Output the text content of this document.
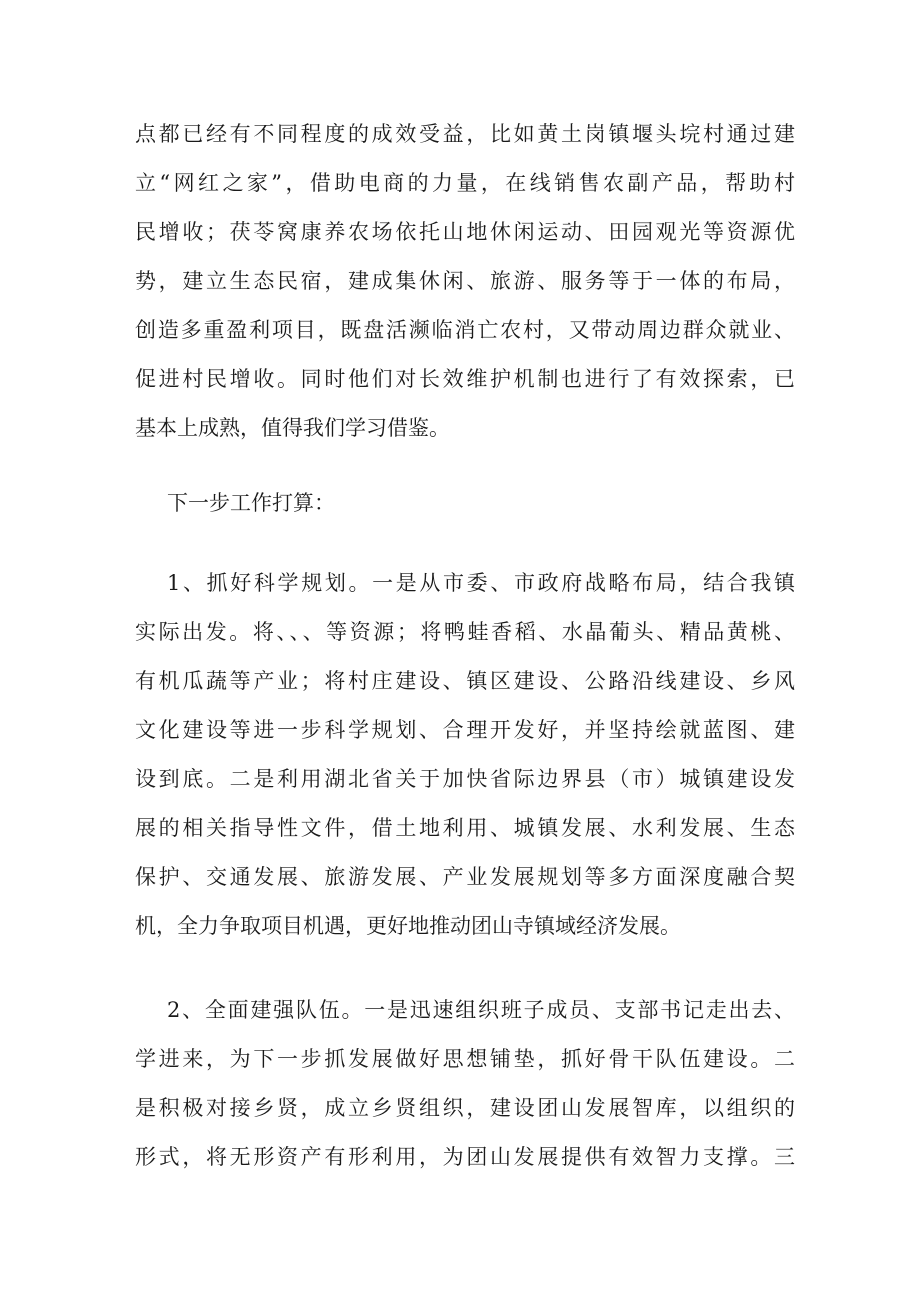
点都已经有不同程度的成效受益，比如黄土岗镇堰头垸村通过建
立“网红之家”，借助电商的力量，在线销售农副产品，帮助村
民增收；茯苓窝康养农场依托山地休闲运动、田园观光等资源优
势，建立生态民宿，建成集休闲、旅游、服务等于一体的布局，
创造多重盈利项目，既盘活濒临消亡农村，又带动周边群众就业、
促进村民增收。同时他们对长效维护机制也进行了有效探索，已
基本上成熟，值得我们学习借鉴。
下一步工作打算：
1、抓好科学规划。一是从市委、市政府战略布局，结合我镇
实际出发。将、、、等资源；将鸭蛙香稻、水晶葡头、精品黄桃、
有机瓜蔬等产业；将村庄建设、镇区建设、公路沿线建设、乡风
文化建设等进一步科学规划、合理开发好，并坚持绘就蓝图、建
设到底。二是利用湖北省关于加快省际边界县（市）城镇建设发
展的相关指导性文件，借土地利用、城镇发展、水利发展、生态
保护、交通发展、旅游发展、产业发展规划等多方面深度融合契
机，全力争取项目机遇，更好地推动团山寺镇域经济发展。
2、全面建强队伍。一是迅速组织班子成员、支部书记走出去、
学进来，为下一步抓发展做好思想铺垫，抓好骨干队伍建设。二
是积极对接乡贤，成立乡贤组织，建设团山发展智库，以组织的
形式，将无形资产有形利用，为团山发展提供有效智力支撑。三
